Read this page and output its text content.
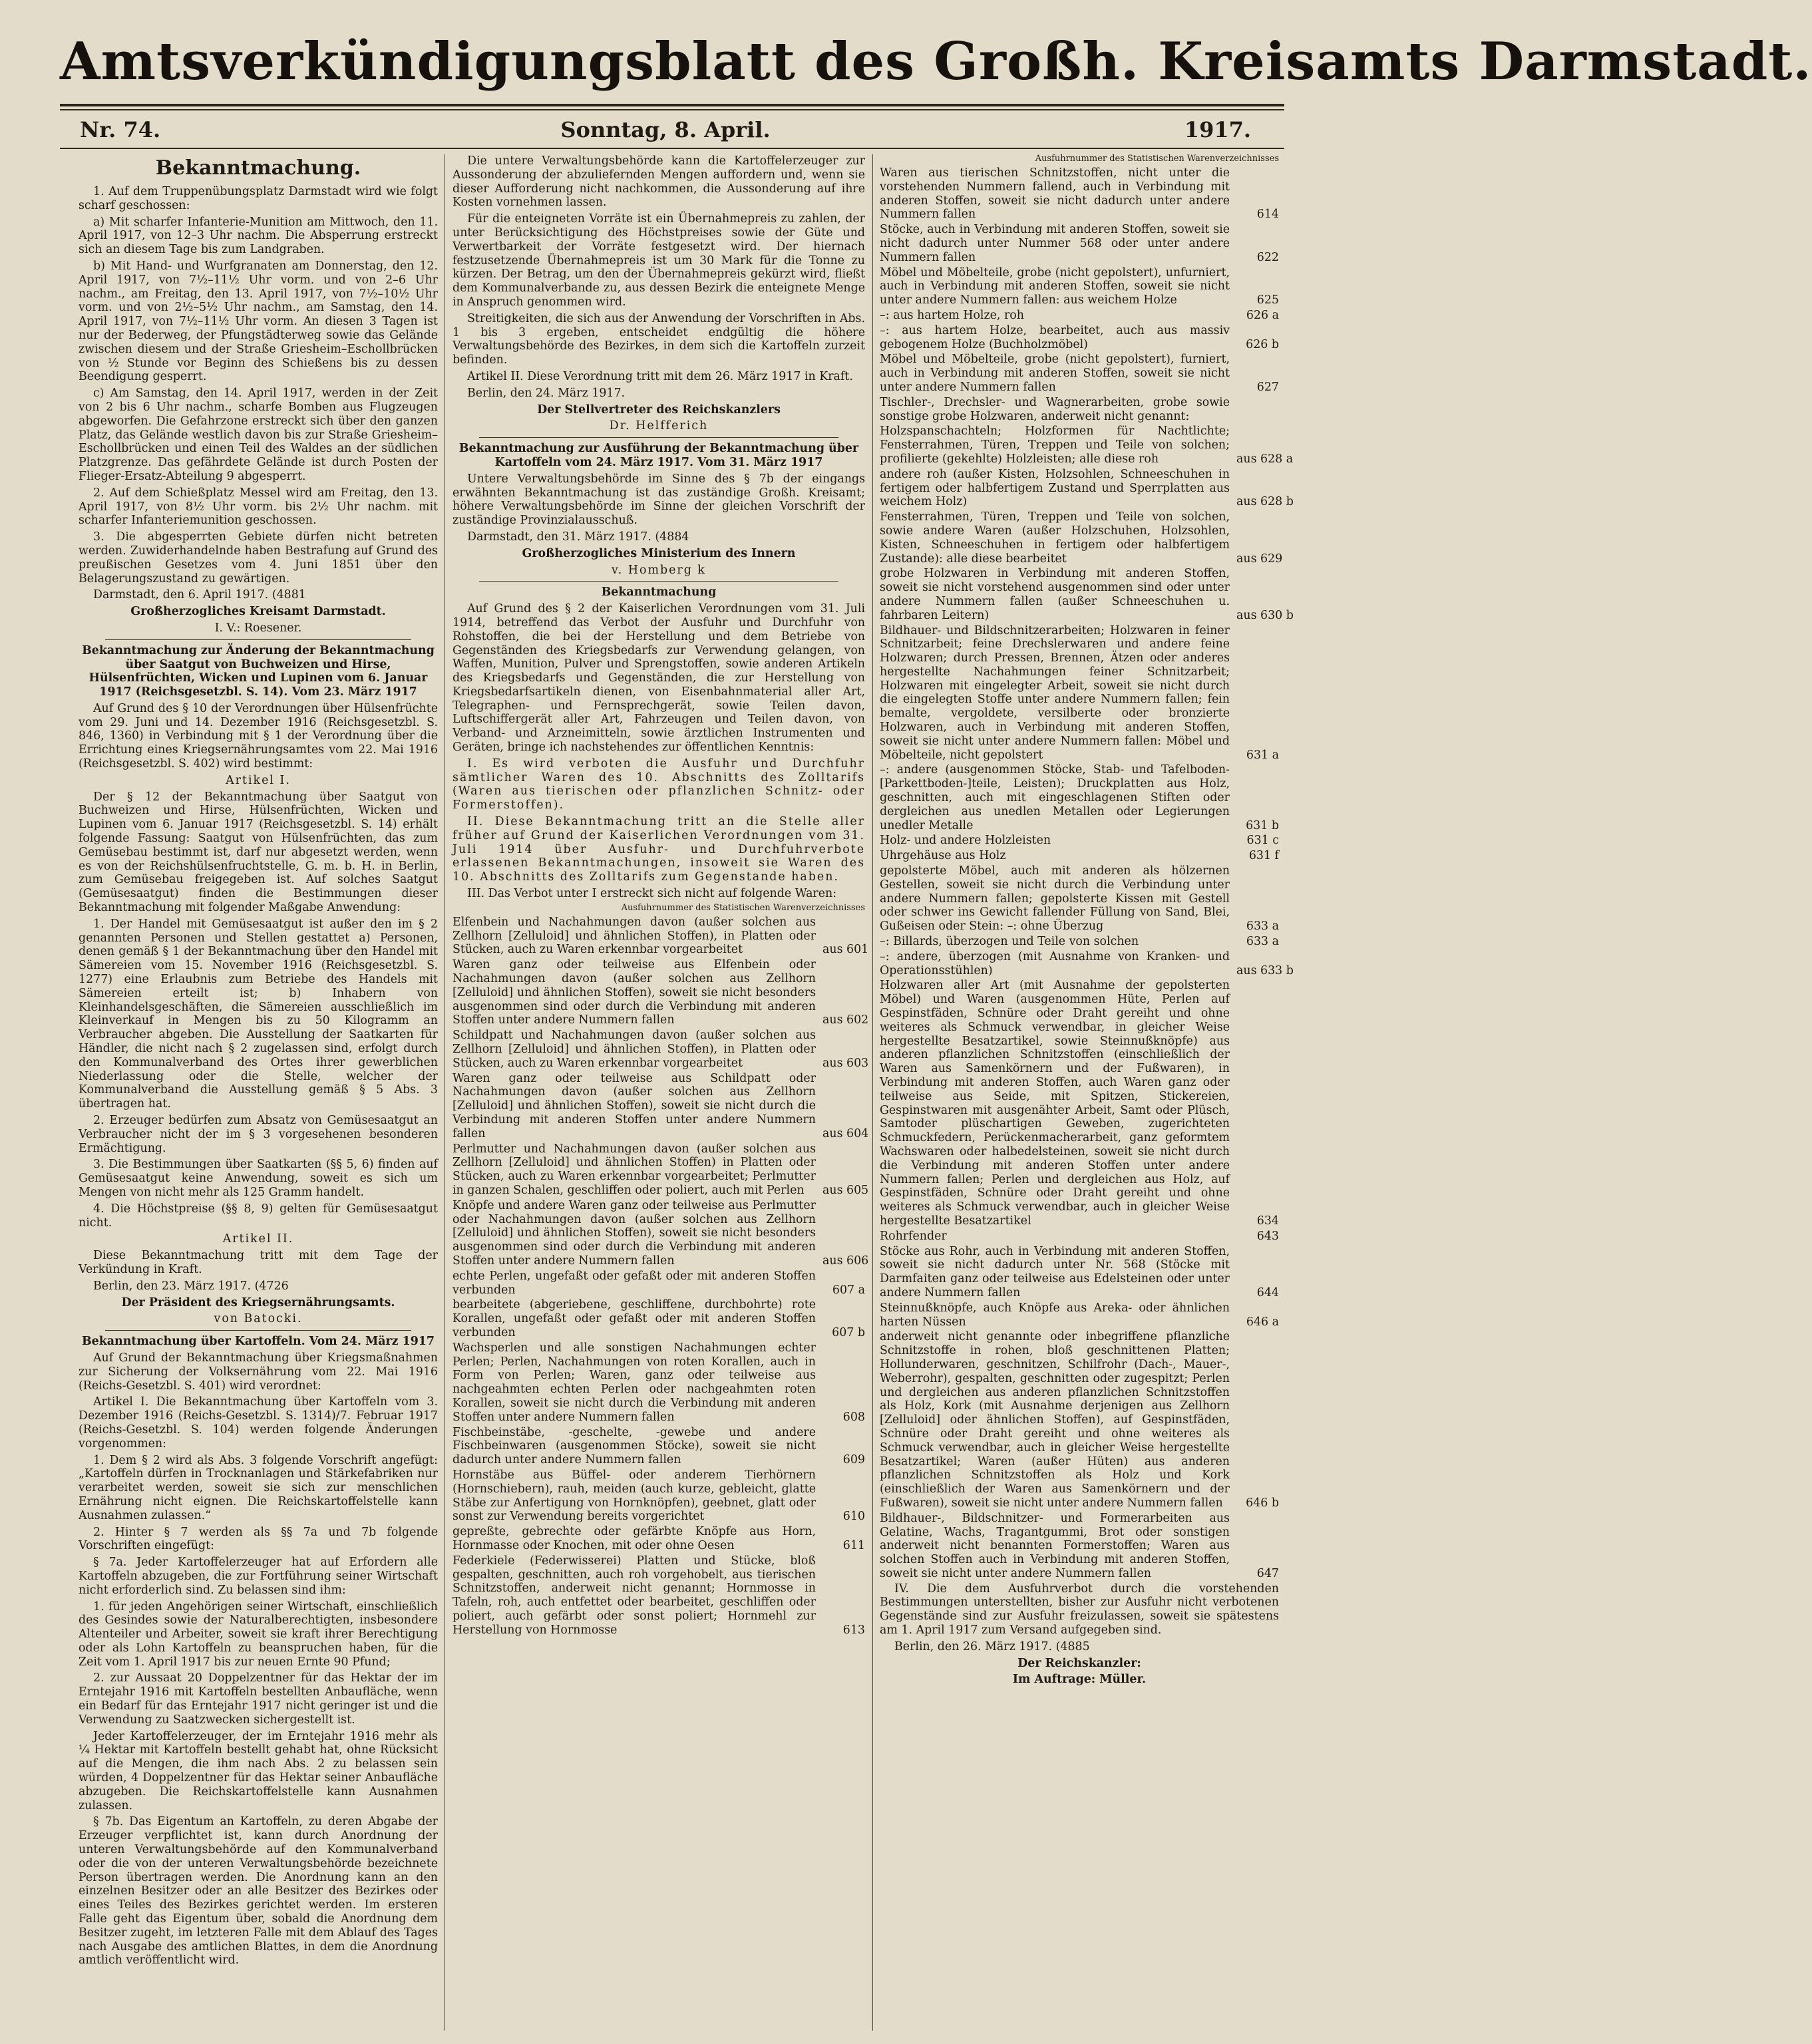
Amtsverkündigungsblatt des Großh. Kreisamts Darmstadt.
Nr. 74.	Sonntag, 8. April.	1917.
Bekanntmachung.

1. Auf dem Truppenübungsplatz Darmstadt wird wie folgt scharf geschossen:

a) Mit scharfer Infanterie-Munition am Mittwoch, den 11. April 1917, von 12–3 Uhr nachm. Die Absperrung erstreckt sich an diesem Tage bis zum Landgraben.

b) Mit Hand- und Wurfgranaten am Donnerstag, den 12. April 1917, von 7½–11½ Uhr vorm. und von 2–6 Uhr nachm., am Freitag, den 13. April 1917, von 7½–10½ Uhr vorm. und von 2½–5½ Uhr nachm., am Samstag, den 14. April 1917, von 7½–11½ Uhr vorm. An diesen 3 Tagen ist nur der Bederweg, der Pfungstädterweg sowie das Gelände zwischen diesem und der Straße Griesheim–Eschollbrücken von ½ Stunde vor Beginn des Schießens bis zu dessen Beendigung gesperrt.

c) Am Samstag, den 14. April 1917, werden in der Zeit von 2 bis 6 Uhr nachm., scharfe Bomben aus Flugzeugen abgeworfen. Die Gefahrzone erstreckt sich über den ganzen Platz, das Gelände westlich davon bis zur Straße Griesheim–Eschollbrücken und einen Teil des Waldes an der südlichen Platzgrenze. Das gefährdete Gelände ist durch Posten der Flieger-Ersatz-Abteilung 9 abgesperrt.

2. Auf dem Schießplatz Messel wird am Freitag, den 13. April 1917, von 8½ Uhr vorm. bis 2½ Uhr nachm. mit scharfer Infanteriemunition geschossen.

3. Die abgesperrten Gebiete dürfen nicht betreten werden. Zuwiderhandelnde haben Bestrafung auf Grund des preußischen Gesetzes vom 4. Juni 1851 über den Belagerungszustand zu gewärtigen.

Darmstadt, den 6. April 1917. (4881

Großherzogliches Kreisamt Darmstadt.

I. V.: Roesener.

Bekanntmachung zur Änderung der Bekanntmachung über Saatgut von Buchweizen und Hirse, Hülsenfrüchten, Wicken und Lupinen vom 6. Januar 1917 (Reichsgesetzbl. S. 14). Vom 23. März 1917

Auf Grund des § 10 der Verordnungen über Hülsenfrüchte vom 29. Juni und 14. Dezember 1916 (Reichsgesetzbl. S. 846, 1360) in Verbindung mit § 1 der Verordnung über die Errichtung eines Kriegsernährungsamtes vom 22. Mai 1916 (Reichsgesetzbl. S. 402) wird bestimmt:

Artikel I.

Der § 12 der Bekanntmachung über Saatgut von Buchweizen und Hirse, Hülsenfrüchten, Wicken und Lupinen vom 6. Januar 1917 (Reichsgesetzbl. S. 14) erhält folgende Fassung: Saatgut von Hülsenfrüchten, das zum Gemüsebau bestimmt ist, darf nur abgesetzt werden, wenn es von der Reichshülsenfruchtstelle, G. m. b. H. in Berlin, zum Gemüsebau freigegeben ist. Auf solches Saatgut (Gemüsesaatgut) finden die Bestimmungen dieser Bekanntmachung mit folgender Maßgabe Anwendung:

1. Der Handel mit Gemüsesaatgut ist außer den im § 2 genannten Personen und Stellen gestattet a) Personen, denen gemäß § 1 der Bekanntmachung über den Handel mit Sämereien vom 15. November 1916 (Reichsgesetzbl. S. 1277) eine Erlaubnis zum Betriebe des Handels mit Sämereien erteilt ist; b) Inhabern von Kleinhandelsgeschäften, die Sämereien ausschließlich im Kleinverkauf in Mengen bis zu 50 Kilogramm an Verbraucher abgeben. Die Ausstellung der Saatkarten für Händler, die nicht nach § 2 zugelassen sind, erfolgt durch den Kommunalverband des Ortes ihrer gewerblichen Niederlassung oder die Stelle, welcher der Kommunalverband die Ausstellung gemäß § 5 Abs. 3 übertragen hat.

2. Erzeuger bedürfen zum Absatz von Gemüsesaatgut an Verbraucher nicht der im § 3 vorgesehenen besonderen Ermächtigung.

3. Die Bestimmungen über Saatkarten (§§ 5, 6) finden auf Gemüsesaatgut keine Anwendung, soweit es sich um Mengen von nicht mehr als 125 Gramm handelt.

4. Die Höchstpreise (§§ 8, 9) gelten für Gemüsesaatgut nicht.

Artikel II.

Diese Bekanntmachung tritt mit dem Tage der Verkündung in Kraft.

Berlin, den 23. März 1917. (4726

Der Präsident des Kriegsernährungsamts.

von Batocki.

Bekanntmachung über Kartoffeln. Vom 24. März 1917

Auf Grund der Bekanntmachung über Kriegsmaßnahmen zur Sicherung der Volksernährung vom 22. Mai 1916 (Reichs-Gesetzbl. S. 401) wird verordnet:

Artikel I. Die Bekanntmachung über Kartoffeln vom 3. Dezember 1916 (Reichs-Gesetzbl. S. 1314)/7. Februar 1917 (Reichs-Gesetzbl. S. 104) werden folgende Änderungen vorgenommen:

1. Dem § 2 wird als Abs. 3 folgende Vorschrift angefügt: „Kartoffeln dürfen in Trocknanlagen und Stärkefabriken nur verarbeitet werden, soweit sie sich zur menschlichen Ernährung nicht eignen. Die Reichskartoffelstelle kann Ausnahmen zulassen.“

2. Hinter § 7 werden als §§ 7a und 7b folgende Vorschriften eingefügt:

§ 7a. Jeder Kartoffelerzeuger hat auf Erfordern alle Kartoffeln abzugeben, die zur Fortführung seiner Wirtschaft nicht erforderlich sind. Zu belassen sind ihm:

1. für jeden Angehörigen seiner Wirtschaft, einschließlich des Gesindes sowie der Naturalberechtigten, insbesondere Altenteiler und Arbeiter, soweit sie kraft ihrer Berechtigung oder als Lohn Kartoffeln zu beanspruchen haben, für die Zeit vom 1. April 1917 bis zur neuen Ernte 90 Pfund;

2. zur Aussaat 20 Doppelzentner für das Hektar der im Erntejahr 1916 mit Kartoffeln bestellten Anbaufläche, wenn ein Bedarf für das Erntejahr 1917 nicht geringer ist und die Verwendung zu Saatzwecken sichergestellt ist.

Jeder Kartoffelerzeuger, der im Erntejahr 1916 mehr als ¼ Hektar mit Kartoffeln bestellt gehabt hat, ohne Rücksicht auf die Mengen, die ihm nach Abs. 2 zu belassen sein würden, 4 Doppelzentner für das Hektar seiner Anbaufläche abzugeben. Die Reichskartoffelstelle kann Ausnahmen zulassen.

§ 7b. Das Eigentum an Kartoffeln, zu deren Abgabe der Erzeuger verpflichtet ist, kann durch Anordnung der unteren Verwaltungsbehörde auf den Kommunalverband oder die von der unteren Verwaltungsbehörde bezeichnete Person übertragen werden. Die Anordnung kann an den einzelnen Besitzer oder an alle Besitzer des Bezirkes oder eines Teiles des Bezirkes gerichtet werden. Im ersteren Falle geht das Eigentum über, sobald die Anordnung dem Besitzer zugeht, im letzteren Falle mit dem Ablauf des Tages nach Ausgabe des amtlichen Blattes, in dem die Anordnung amtlich veröffentlicht wird.

Die untere Verwaltungsbehörde kann die Kartoffelerzeuger zur Aussonderung der abzuliefernden Mengen auffordern und, wenn sie dieser Aufforderung nicht nachkommen, die Aussonderung auf ihre Kosten vornehmen lassen.

Für die enteigneten Vorräte ist ein Übernahmepreis zu zahlen, der unter Berücksichtigung des Höchstpreises sowie der Güte und Verwertbarkeit der Vorräte festgesetzt wird. Der hiernach festzusetzende Übernahmepreis ist um 30 Mark für die Tonne zu kürzen. Der Betrag, um den der Übernahmepreis gekürzt wird, fließt dem Kommunalverbande zu, aus dessen Bezirk die enteignete Menge in Anspruch genommen wird.

Streitigkeiten, die sich aus der Anwendung der Vorschriften in Abs. 1 bis 3 ergeben, entscheidet endgültig die höhere Verwaltungsbehörde des Bezirkes, in dem sich die Kartoffeln zurzeit befinden.

Artikel II. Diese Verordnung tritt mit dem 26. März 1917 in Kraft.

Berlin, den 24. März 1917.

Der Stellvertreter des Reichskanzlers

Dr. Helfferich

Bekanntmachung zur Ausführung der Bekanntmachung über Kartoffeln vom 24. März 1917. Vom 31. März 1917

Untere Verwaltungsbehörde im Sinne des § 7b der eingangs erwähnten Bekanntmachung ist das zuständige Großh. Kreisamt; höhere Verwaltungsbehörde im Sinne der gleichen Vorschrift der zuständige Provinzialausschuß.

Darmstadt, den 31. März 1917. (4884

Großherzogliches Ministerium des Innern

v. Homberg k

Bekanntmachung

Auf Grund des § 2 der Kaiserlichen Verordnungen vom 31. Juli 1914, betreffend das Verbot der Ausfuhr und Durchfuhr von Rohstoffen, die bei der Herstellung und dem Betriebe von Gegenständen des Kriegsbedarfs zur Verwendung gelangen, von Waffen, Munition, Pulver und Sprengstoffen, sowie anderen Artikeln des Kriegsbedarfs und Gegenständen, die zur Herstellung von Kriegsbedarfsartikeln dienen, von Eisenbahnmaterial aller Art, Telegraphen- und Fernsprechgerät, sowie Teilen davon, Luftschiffergerät aller Art, Fahrzeugen und Teilen davon, von Verband- und Arzneimitteln, sowie ärztlichen Instrumenten und Geräten, bringe ich nachstehendes zur öffentlichen Kenntnis:

I. Es wird verboten die Ausfuhr und Durchfuhr sämtlicher Waren des 10. Abschnitts des Zolltarifs (Waren aus tierischen oder pflanzlichen Schnitz- oder Formerstoffen).

II. Diese Bekanntmachung tritt an die Stelle aller früher auf Grund der Kaiserlichen Verordnungen vom 31. Juli 1914 über Ausfuhr- und Durchfuhrverbote erlassenen Bekanntmachungen, insoweit sie Waren des 10. Abschnitts des Zolltarifs zum Gegenstande haben.

III. Das Verbot unter I erstreckt sich nicht auf folgende Waren:

Ausfuhrnummer des Statistischen Warenverzeichnisses
Elfenbein und Nachahmungen davon (außer solchen aus Zellhorn [Zelluloid] und ähnlichen Stoffen), in Platten oder Stücken, auch zu Waren erkennbar vorgearbeitet	aus 601
Waren ganz oder teilweise aus Elfenbein oder Nachahmungen davon (außer solchen aus Zellhorn [Zelluloid] und ähnlichen Stoffen), soweit sie nicht besonders ausgenommen sind oder durch die Verbindung mit anderen Stoffen unter andere Nummern fallen	aus 602
Schildpatt und Nachahmungen davon (außer solchen aus Zellhorn [Zelluloid] und ähnlichen Stoffen), in Platten oder Stücken, auch zu Waren erkennbar vorgearbeitet	aus 603
Waren ganz oder teilweise aus Schildpatt oder Nachahmungen davon (außer solchen aus Zellhorn [Zelluloid] und ähnlichen Stoffen), soweit sie nicht durch die Verbindung mit anderen Stoffen unter andere Nummern fallen	aus 604
Perlmutter und Nachahmungen davon (außer solchen aus Zellhorn [Zelluloid] und ähnlichen Stoffen) in Platten oder Stücken, auch zu Waren erkennbar vorgearbeitet; Perlmutter in ganzen Schalen, geschliffen oder poliert, auch mit Perlen	aus 605
Knöpfe und andere Waren ganz oder teilweise aus Perlmutter oder Nachahmungen davon (außer solchen aus Zellhorn [Zelluloid] und ähnlichen Stoffen), soweit sie nicht besonders ausgenommen sind oder durch die Verbindung mit anderen Stoffen unter andere Nummern fallen	aus 606
echte Perlen, ungefaßt oder gefaßt oder mit anderen Stoffen verbunden	607 a
bearbeitete (abgeriebene, geschliffene, durchbohrte) rote Korallen, ungefaßt oder gefaßt oder mit anderen Stoffen verbunden	607 b
Wachsperlen und alle sonstigen Nachahmungen echter Perlen; Perlen, Nachahmungen von roten Korallen, auch in Form von Perlen; Waren, ganz oder teilweise aus nachgeahmten echten Perlen oder nachgeahmten roten Korallen, soweit sie nicht durch die Verbindung mit anderen Stoffen unter andere Nummern fallen	608
Fischbeinstäbe, -geschelte, -gewebe und andere Fischbeinwaren (ausgenommen Stöcke), soweit sie nicht dadurch unter andere Nummern fallen	609
Hornstäbe aus Büffel- oder anderem Tierhörnern (Hornschiebern), rauh, meiden (auch kurze, gebleicht, glatte Stäbe zur Anfertigung von Hornknöpfen), geebnet, glatt oder sonst zur Verwendung bereits vorgerichtet	610
gepreßte, gebrechte oder gefärbte Knöpfe aus Horn, Hornmasse oder Knochen, mit oder ohne Oesen	611
Federkiele (Federwisserei) Platten und Stücke, bloß gespalten, geschnitten, auch roh vorgehobelt, aus tierischen Schnitzstoffen, anderweit nicht genannt; Hornmosse in Tafeln, roh, auch entfettet oder bearbeitet, geschliffen oder poliert, auch gefärbt oder sonst poliert; Hornmehl zur Herstellung von Hornmosse	613
Ausfuhrnummer des Statistischen Warenverzeichnisses
Waren aus tierischen Schnitzstoffen, nicht unter die vorstehenden Nummern fallend, auch in Verbindung mit anderen Stoffen, soweit sie nicht dadurch unter andere Nummern fallen	614
Stöcke, auch in Verbindung mit anderen Stoffen, soweit sie nicht dadurch unter Nummer 568 oder unter andere Nummern fallen	622
Möbel und Möbelteile, grobe (nicht gepolstert), unfurniert, auch in Verbindung mit anderen Stoffen, soweit sie nicht unter andere Nummern fallen: aus weichem Holze	625
–: aus hartem Holze, roh	626 a
–: aus hartem Holze, bearbeitet, auch aus massiv gebogenem Holze (Buchholzmöbel)	626 b
Möbel und Möbelteile, grobe (nicht gepolstert), furniert, auch in Verbindung mit anderen Stoffen, soweit sie nicht unter andere Nummern fallen	627
Tischler-, Drechsler- und Wagnerarbeiten, grobe sowie sonstige grobe Holzwaren, anderweit nicht genannt:
Holzspanschachteln; Holzformen für Nachtlichte; Fensterrahmen, Türen, Treppen und Teile von solchen; profilierte (gekehlte) Holzleisten; alle diese roh	aus 628 a
andere roh (außer Kisten, Holzsohlen, Schneeschuhen in fertigem oder halbfertigem Zustand und Sperrplatten aus weichem Holz)	aus 628 b
Fensterrahmen, Türen, Treppen und Teile von solchen, sowie andere Waren (außer Holzschuhen, Holzsohlen, Kisten, Schneeschuhen in fertigem oder halbfertigem Zustande): alle diese bearbeitet	aus 629
grobe Holzwaren in Verbindung mit anderen Stoffen, soweit sie nicht vorstehend ausgenommen sind oder unter andere Nummern fallen (außer Schneeschuhen u. fahrbaren Leitern)	aus 630 b
Bildhauer- und Bildschnitzerarbeiten; Holzwaren in feiner Schnitzarbeit; feine Drechslerwaren und andere feine Holzwaren; durch Pressen, Brennen, Ätzen oder anderes hergestellte Nachahmungen feiner Schnitzarbeit; Holzwaren mit eingelegter Arbeit, soweit sie nicht durch die eingelegten Stoffe unter andere Nummern fallen; fein bemalte, vergoldete, versilberte oder bronzierte Holzwaren, auch in Verbindung mit anderen Stoffen, soweit sie nicht unter andere Nummern fallen: Möbel und Möbelteile, nicht gepolstert	631 a
–: andere (ausgenommen Stöcke, Stab- und Tafelboden-[Parkettboden-]teile, Leisten); Druckplatten aus Holz, geschnitten, auch mit eingeschlagenen Stiften oder dergleichen aus unedlen Metallen oder Legierungen unedler Metalle	631 b
Holz- und andere Holzleisten	631 c
Uhrgehäuse aus Holz	631 f
gepolsterte Möbel, auch mit anderen als hölzernen Gestellen, soweit sie nicht durch die Verbindung unter andere Nummern fallen; gepolsterte Kissen mit Gestell oder schwer ins Gewicht fallender Füllung von Sand, Blei, Gußeisen oder Stein: –: ohne Überzug	633 a
–: Billards, überzogen und Teile von solchen	633 a
–: andere, überzogen (mit Ausnahme von Kranken- und Operationsstühlen)	aus 633 b
Holzwaren aller Art (mit Ausnahme der gepolsterten Möbel) und Waren (ausgenommen Hüte, Perlen auf Gespinstfäden, Schnüre oder Draht gereiht und ohne weiteres als Schmuck verwendbar, in gleicher Weise hergestellte Besatzartikel, sowie Steinnußknöpfe) aus anderen pflanzlichen Schnitzstoffen (einschließlich der Waren aus Samenkörnern und der Fußwaren), in Verbindung mit anderen Stoffen, auch Waren ganz oder teilweise aus Seide, mit Spitzen, Stickereien, Gespinstwaren mit ausgenähter Arbeit, Samt oder Plüsch, Samtoder plüschartigen Geweben, zugerichteten Schmuckfedern, Perückenmacherarbeit, ganz geformtem Wachswaren oder halbedelsteinen, soweit sie nicht durch die Verbindung mit anderen Stoffen unter andere Nummern fallen; Perlen und dergleichen aus Holz, auf Gespinstfäden, Schnüre oder Draht gereiht und ohne weiteres als Schmuck verwendbar, auch in gleicher Weise hergestellte Besatzartikel	634
Rohrfender	643
Stöcke aus Rohr, auch in Verbindung mit anderen Stoffen, soweit sie nicht dadurch unter Nr. 568 (Stöcke mit Darmfaiten ganz oder teilweise aus Edelsteinen oder unter andere Nummern fallen	644
Steinnußknöpfe, auch Knöpfe aus Areka- oder ähnlichen harten Nüssen	646 a
anderweit nicht genannte oder inbegriffene pflanzliche Schnitzstoffe in rohen, bloß geschnittenen Platten; Hollunderwaren, geschnitzen, Schilfrohr (Dach-, Mauer-, Weberrohr), gespalten, geschnitten oder zugespitzt; Perlen und dergleichen aus anderen pflanzlichen Schnitzstoffen als Holz, Kork (mit Ausnahme derjenigen aus Zellhorn [Zelluloid] oder ähnlichen Stoffen), auf Gespinstfäden, Schnüre oder Draht gereiht und ohne weiteres als Schmuck verwendbar, auch in gleicher Weise hergestellte Besatzartikel; Waren (außer Hüten) aus anderen pflanzlichen Schnitzstoffen als Holz und Kork (einschließlich der Waren aus Samenkörnern und der Fußwaren), soweit sie nicht unter andere Nummern fallen	646 b
Bildhauer-, Bildschnitzer- und Formerarbeiten aus Gelatine, Wachs, Tragantgummi, Brot oder sonstigen anderweit nicht benannten Formerstoffen; Waren aus solchen Stoffen auch in Verbindung mit anderen Stoffen, soweit sie nicht unter andere Nummern fallen	647

IV. Die dem Ausfuhrverbot durch die vorstehenden Bestimmungen unterstellten, bisher zur Ausfuhr nicht verbotenen Gegenstände sind zur Ausfuhr freizulassen, soweit sie spätestens am 1. April 1917 zum Versand aufgegeben sind.

Berlin, den 26. März 1917. (4885

Der Reichskanzler:

Im Auftrage: Müller.
